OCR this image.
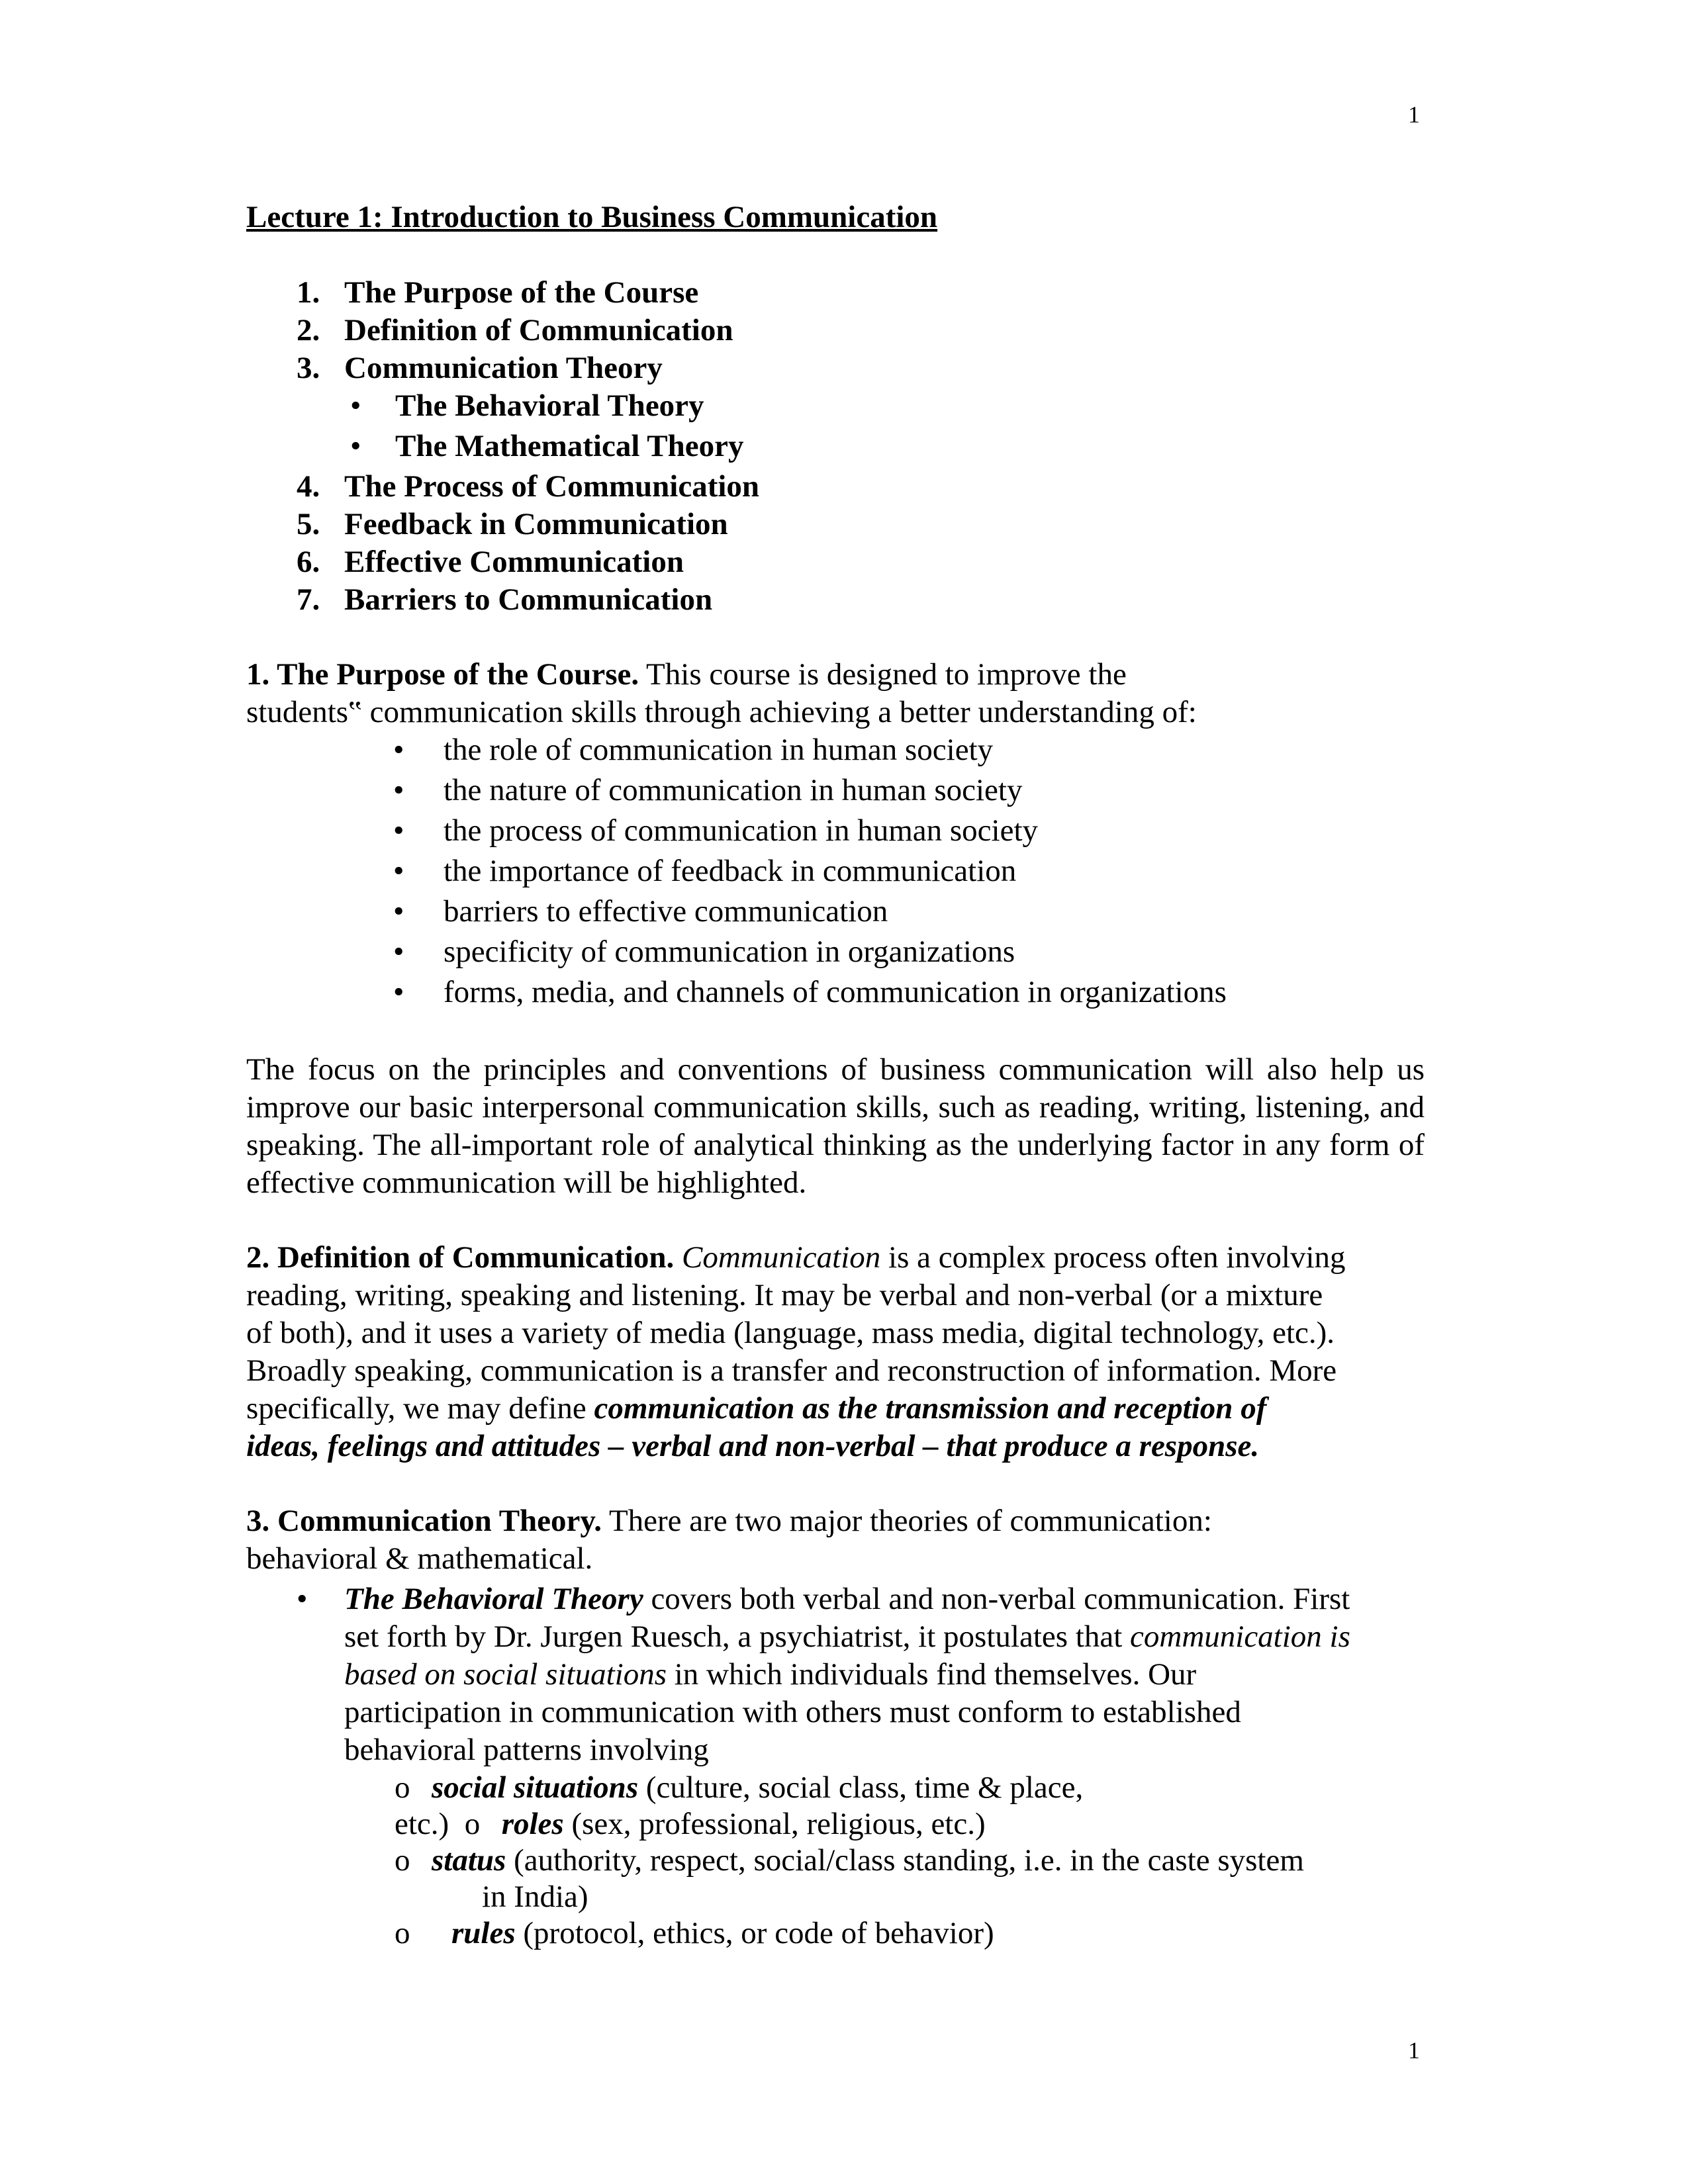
1
Lecture 1: Introduction to Business Communication
1. The Purpose of the Course
2. Definition of Communication
3. Communication Theory
• The Behavioral Theory
• The Mathematical Theory
4. The Process of Communication
5. Feedback in Communication
6. Effective Communication
7. Barriers to Communication
1. The Purpose of the Course. This course is designed to improve the
students‟ communication skills through achieving a better understanding of:
• the role of communication in human society
• the nature of communication in human society
• the process of communication in human society
• the importance of feedback in communication
• barriers to effective communication
• specificity of communication in organizations
• forms, media, and channels of communication in organizations

The focus on the principles and conventions of business communication will also help us improve our basic interpersonal communication skills, such as reading, writing, listening, and speaking. The all-important role of analytical thinking as the underlying factor in any form of effective communication will be highlighted.

2. Definition of Communication. Communication is a complex process often involving
reading, writing, speaking and listening. It may be verbal and non-verbal (or a mixture
of both), and it uses a variety of media (language, mass media, digital technology, etc.).
Broadly speaking, communication is a transfer and reconstruction of information. More
specifically, we may define communication as the transmission and reception of
ideas, feelings and attitudes – verbal and non-verbal – that produce a response.
3. Communication Theory. There are two major theories of communication:
behavioral & mathematical.
• The Behavioral Theory covers both verbal and non-verbal communication. First
set forth by Dr. Jurgen Ruesch, a psychiatrist, it postulates that communication is
based on social situations in which individuals find themselves. Our
participation in communication with others must conform to established
behavioral patterns involving
o social situations (culture, social class, time & place,
etc.) o roles (sex, professional, religious, etc.)
o status (authority, respect, social/class standing, i.e. in the caste system
in India)
o rules (protocol, ethics, or code of behavior)
1
